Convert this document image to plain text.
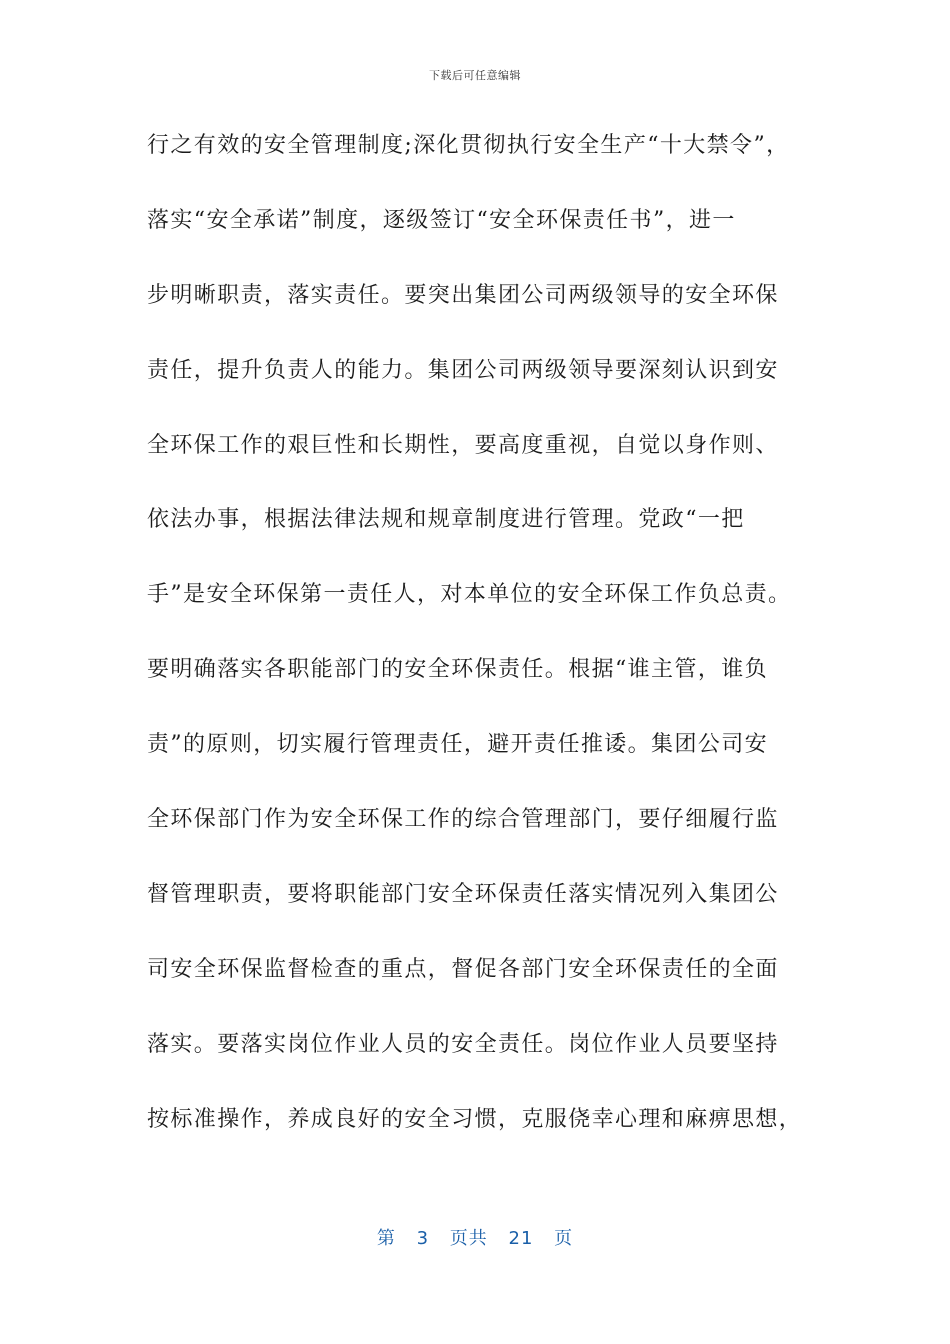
下载后可任意编辑
行之有效的安全管理制度;深化贯彻执行安全生产“十大禁令”，
落实“安全承诺”制度，逐级签订“安全环保责任书”，进一
步明晰职责，落实责任。要突出集团公司两级领导的安全环保
责任，提升负责人的能力。集团公司两级领导要深刻认识到安
全环保工作的艰巨性和长期性，要高度重视，自觉以身作则、
依法办事，根据法律法规和规章制度进行管理。党政“一把
手”是安全环保第一责任人，对本单位的安全环保工作负总责。
要明确落实各职能部门的安全环保责任。根据“谁主管，谁负
责”的原则，切实履行管理责任，避开责任推诿。集团公司安
全环保部门作为安全环保工作的综合管理部门，要仔细履行监
督管理职责，要将职能部门安全环保责任落实情况列入集团公
司安全环保监督检查的重点，督促各部门安全环保责任的全面
落实。要落实岗位作业人员的安全责任。岗位作业人员要坚持
按标准操作，养成良好的安全习惯，克服侥幸心理和麻痹思想，
第 3 页共 21 页
